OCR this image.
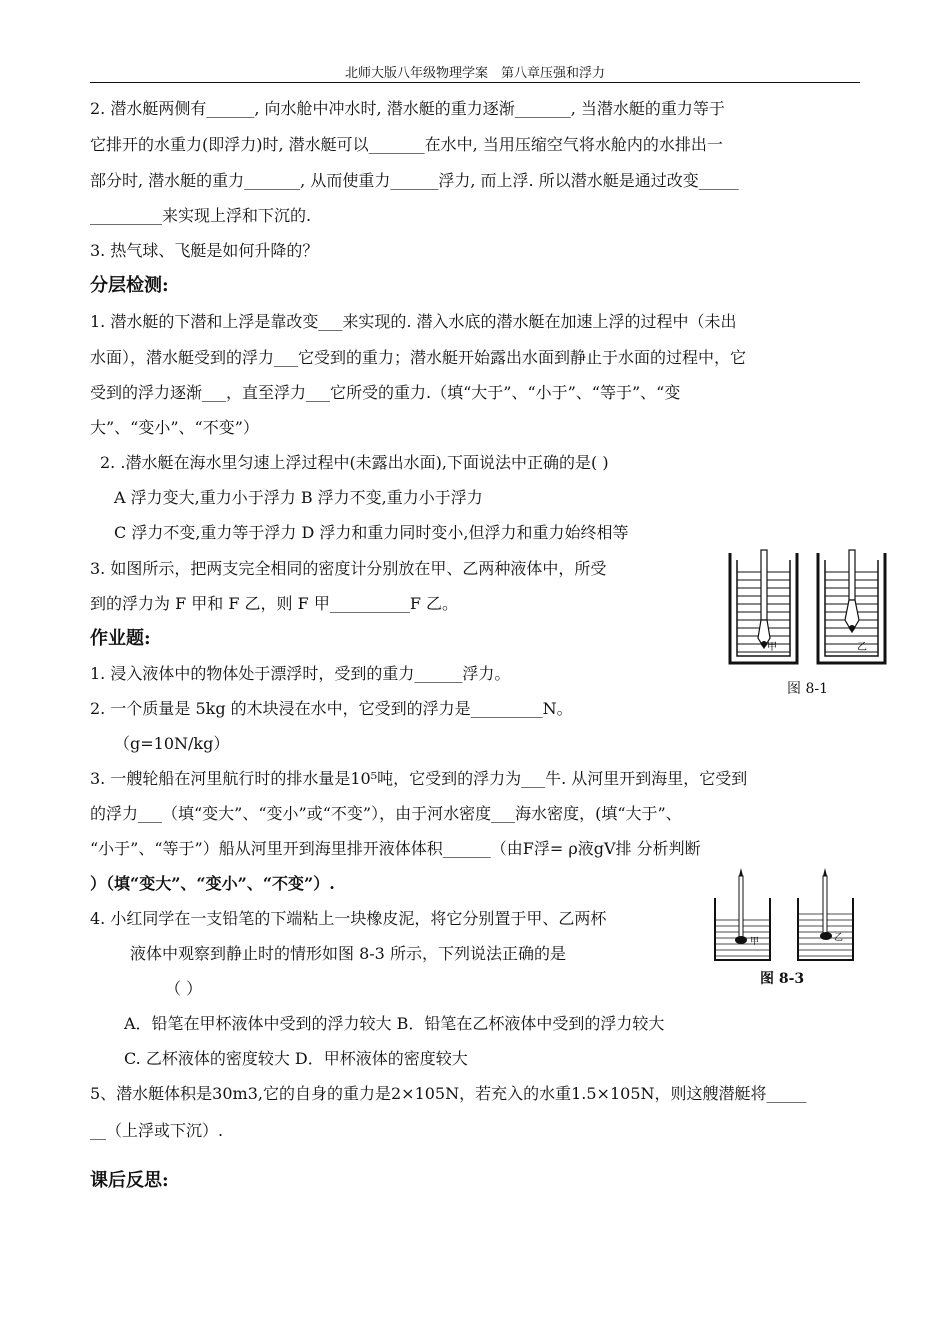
北师大版八年级物理学案　第八章压强和浮力
2. 潜水艇两侧有______, 向水舱中冲水时, 潜水艇的重力逐渐_______, 当潜水艇的重力等于
它排开的水重力(即浮力)时, 潜水艇可以_______在水中, 当用压缩空气将水舱内的水排出一
部分时, 潜水艇的重力_______, 从而使重力______浮力, 而上浮. 所以潜水艇是通过改变_____
_________来实现上浮和下沉的.
3. 热气球、飞艇是如何升降的？
分层检测:
1. 潜水艇的下潜和上浮是靠改变___来实现的. 潜入水底的潜水艇在加速上浮的过程中（未出
水面），潜水艇受到的浮力___它受到的重力；潜水艇开始露出水面到静止于水面的过程中，它
受到的浮力逐渐___，直至浮力___它所受的重力.（填“大于”、“小于”、“等于”、“变
大”、“变小”、“不变”）
2. .潜水艇在海水里匀速上浮过程中(未露出水面),下面说法中正确的是( )
A 浮力变大,重力小于浮力 B 浮力不变,重力小于浮力
C 浮力不变,重力等于浮力 D 浮力和重力同时变小,但浮力和重力始终相等
3. 如图所示，把两支完全相同的密度计分别放在甲、乙两种液体中，所受
到的浮力为 F 甲和 F 乙，则 F 甲__________F 乙。
作业题:
1. 浸入液体中的物体处于漂浮时，受到的重力______浮力。
2. 一个质量是 5kg 的木块浸在水中，它受到的浮力是_________N。
（g=10N/kg）
3. 一艘轮船在河里航行时的排水量是10⁵吨，它受到的浮力为___牛. 从河里开到海里，它受到
的浮力___（填“变大”、“变小”或“不变”），由于河水密度___海水密度，(填“大于”、
“小于”、“等于”）船从河里开到海里排开液体体积______（由F浮= ρ液gV排 分析判断
）（填“变大”、“变小”、“不变”）.
4. 小红同学在一支铅笔的下端粘上一块橡皮泥，将它分别置于甲、乙两杯
液体中观察到静止时的情形如图 8-3 所示，下列说法正确的是
（ ）
A．铅笔在甲杯液体中受到的浮力较大 B．铅笔在乙杯液体中受到的浮力较大
C. 乙杯液体的密度较大 D．甲杯液体的密度较大
5、潜水艇体积是30m3,它的自身的重力是2×105N，若充入的水重1.5×105N，则这艘潜艇将_____
__（上浮或下沉）.
课后反思:
甲	乙
图 8-1
甲	乙
图 8-3
